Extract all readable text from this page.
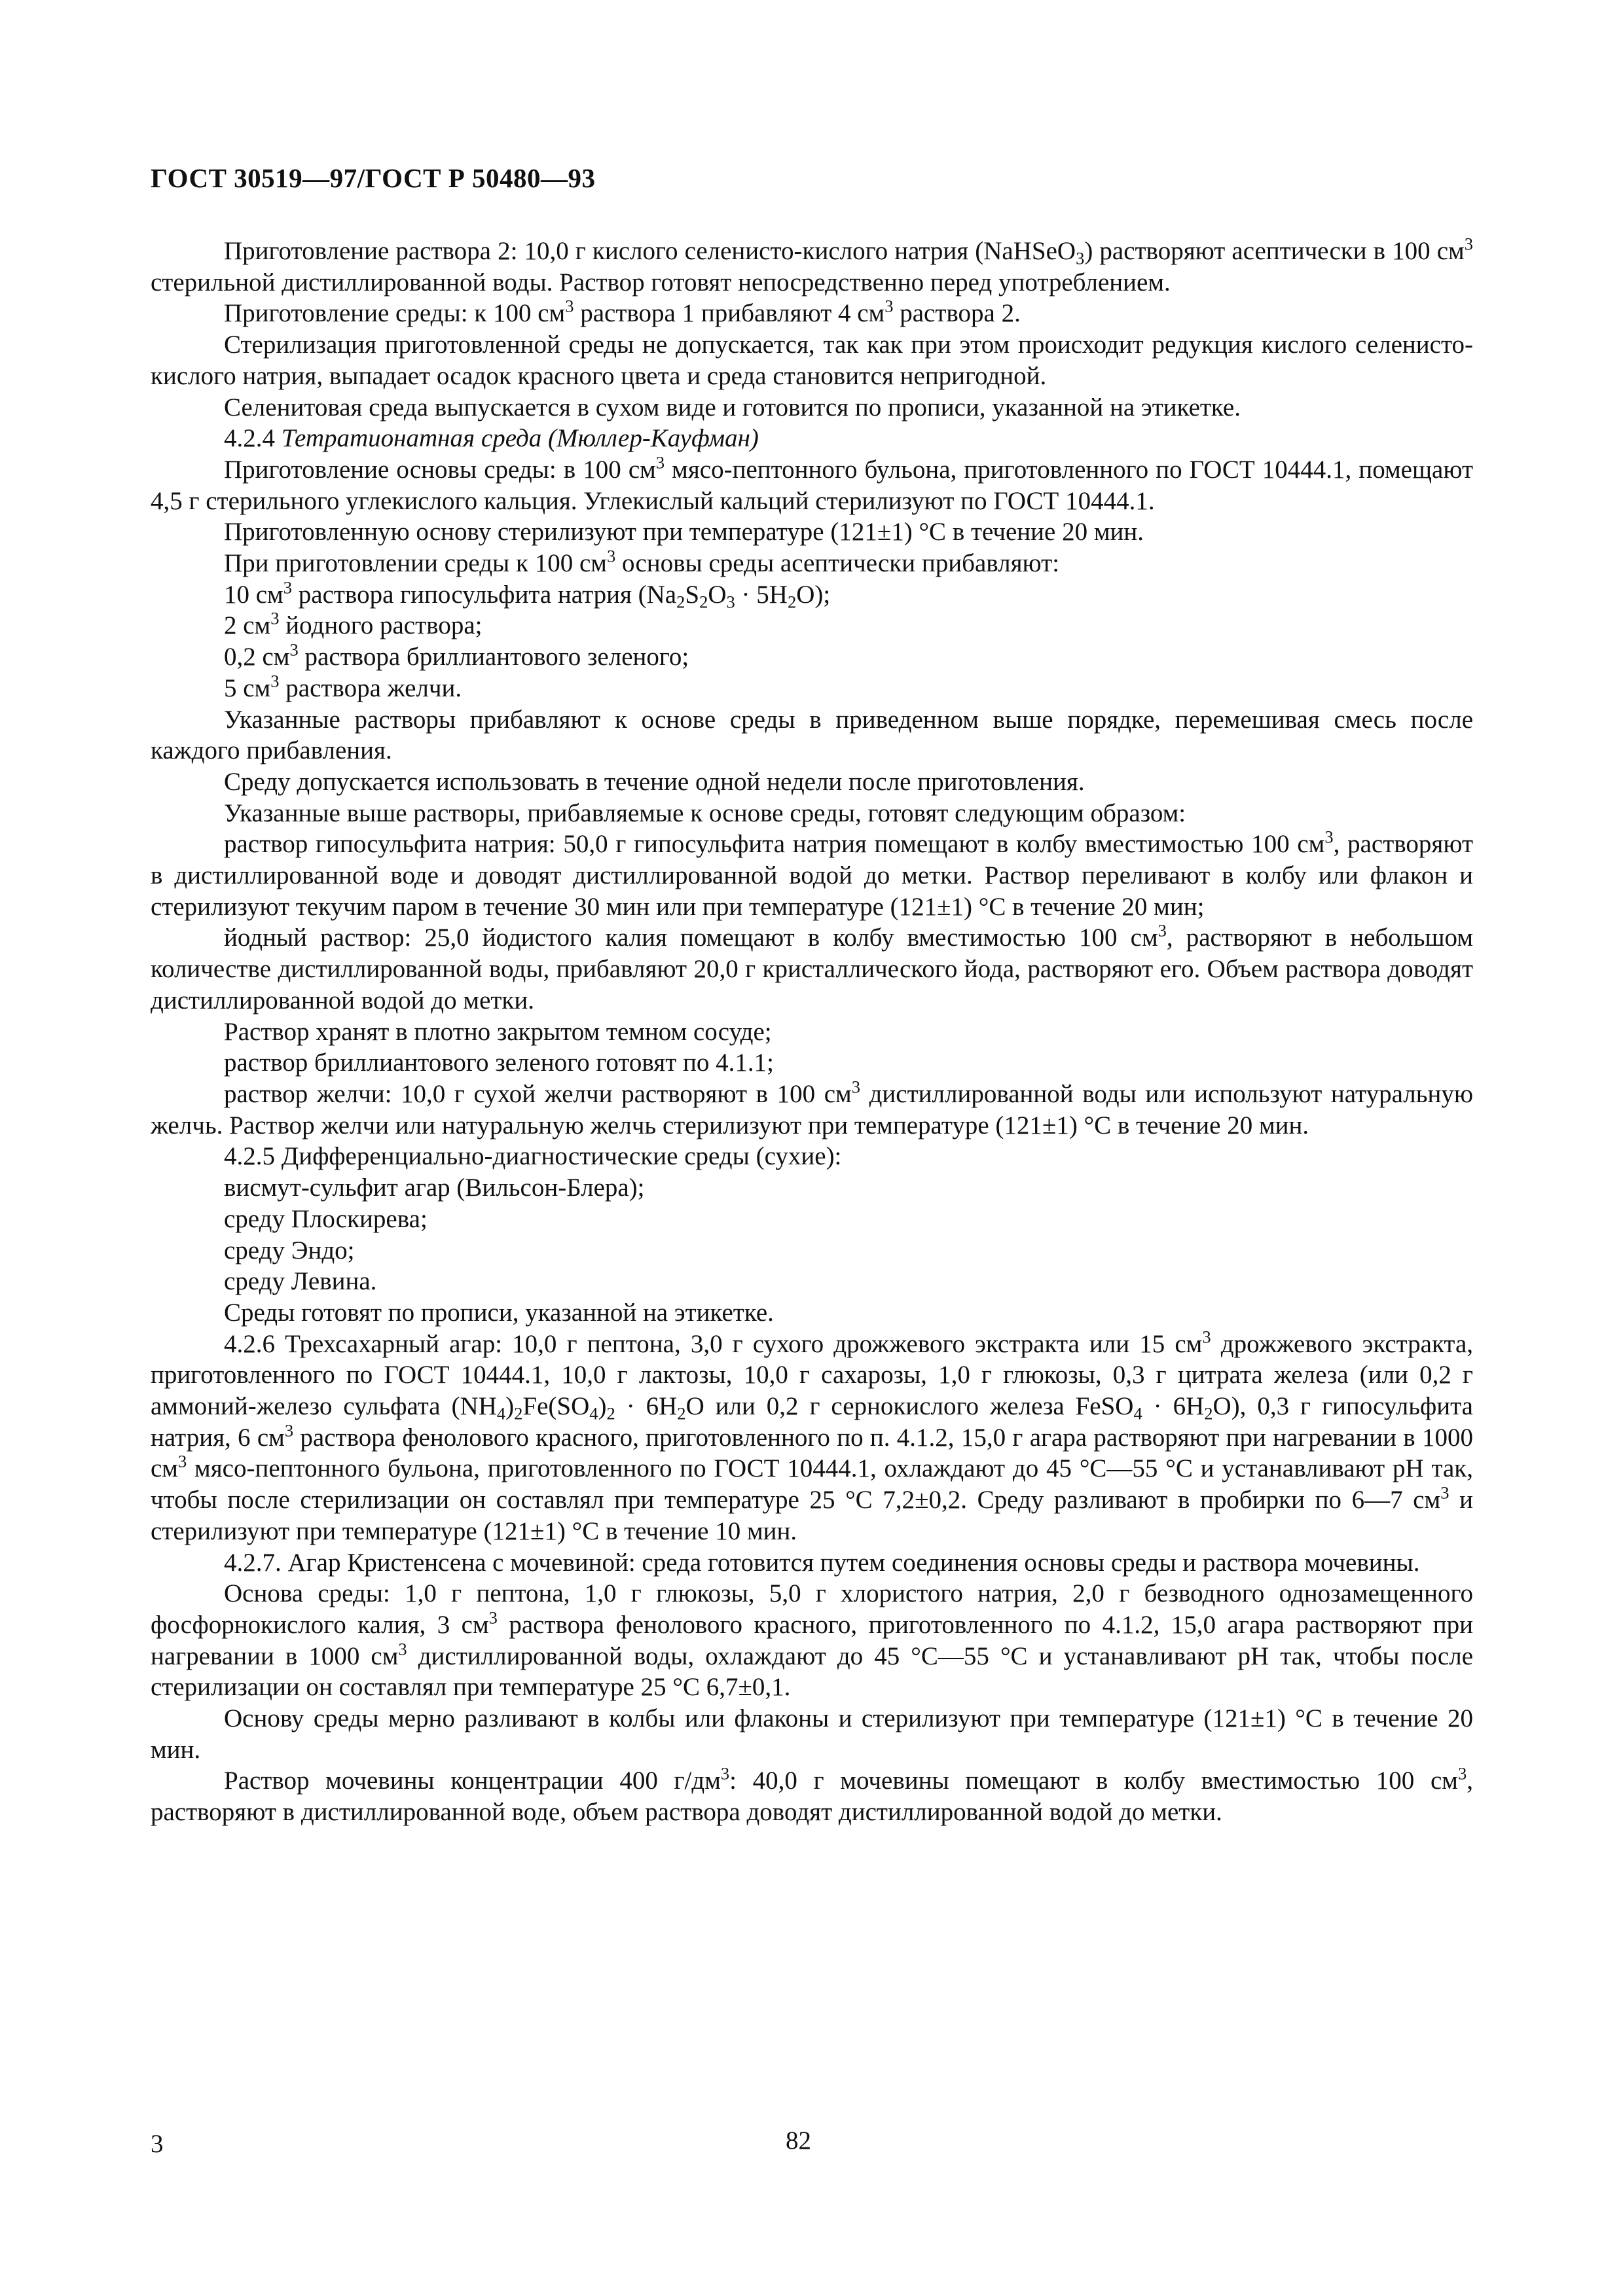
ГОСТ 30519—97/ГОСТ Р 50480—93

Приготовление раствора 2: 10,0 г кислого селенисто-кислого натрия (NaHSeO$_3$) растворяют асептически в 100 $см^3$ стерильной дистиллированной воды. Раствор готовят непосредственно перед употреблением.

Приготовление среды: к 100 $см^3$ раствора 1 прибавляют 4 $см^3$ раствора 2.

Стерилизация приготовленной среды не допускается, так как при этом происходит редукция кислого селенисто-кислого натрия, выпадает осадок красного цвета и среда становится непригодной.

Селенитовая среда выпускается в сухом виде и готовится по прописи, указанной на этикетке.

4.2.4 Тетратионатная среда (Мюллер-Кауфман)

Приготовление основы среды: в 100 $см^3$ мясо-пептонного бульона, приготовленного по ГОСТ 10444.1, помещают 4,5 г стерильного углекислого кальция. Углекислый кальций стерилизуют по ГОСТ 10444.1.

Приготовленную основу стерилизуют при температуре (121±1) °С в течение 20 мин.

При приготовлении среды к 100 $см^3$ основы среды асептически прибавляют:

10 $см^3$ раствора гипосульфита натрия $(Na_2S_2O_3 \cdot 5H_2O)$;

2 $см^3$ йодного раствора;

0,2 $см^3$ раствора бриллиантового зеленого;

5 $см^3$ раствора желчи.

Указанные растворы прибавляют к основе среды в приведенном выше порядке, перемешивая смесь после каждого прибавления.

Среду допускается использовать в течение одной недели после приготовления.

Указанные выше растворы, прибавляемые к основе среды, готовят следующим образом:

раствор гипосульфита натрия: 50,0 г гипосульфита натрия помещают в колбу вместимостью 100 $см^3$, растворяют в дистиллированной воде и доводят дистиллированной водой до метки. Раствор переливают в колбу или флакон и стерилизуют текучим паром в течение 30 мин или при температуре (121±1) °С в течение 20 мин;

йодный раствор: 25,0 йодистого калия помещают в колбу вместимостью 100 $см^3$, растворяют в небольшом количестве дистиллированной воды, прибавляют 20,0 г кристаллического йода, растворяют его. Объем раствора доводят дистиллированной водой до метки.

Раствор хранят в плотно закрытом темном сосуде;

раствор бриллиантового зеленого готовят по 4.1.1;

раствор желчи: 10,0 г сухой желчи растворяют в 100 $см^3$ дистиллированной воды или используют натуральную желчь. Раствор желчи или натуральную желчь стерилизуют при температуре (121±1) °С в течение 20 мин.

4.2.5 Дифференциально-диагностические среды (сухие):

висмут-сульфит агар (Вильсон-Блера);

среду Плоскирева;

среду Эндо;

среду Левина.

Среды готовят по прописи, указанной на этикетке.

4.2.6 Трехсахарный агар: 10,0 г пептона, 3,0 г сухого дрожжевого экстракта или 15 $см^3$ дрожжевого экстракта, приготовленного по ГОСТ 10444.1, 10,0 г лактозы, 10,0 г сахарозы, 1,0 г глюкозы, 0,3 г цитрата железа (или 0,2 г аммоний-железо сульфата $(NH_4)_2Fe(SO_4)_2 \cdot 6H_2O$ или 0,2 г сернокислого железа FeSO$_4$ · $6H_2O$), 0,3 г гипосульфита натрия, 6 $см^3$ раствора фенолового красного, приготовленного по п. 4.1.2, 15,0 г агара растворяют при нагревании в 1000 $см^3$ мясо-пептонного бульона, приготовленного по ГОСТ 10444.1, охлаждают до 45 °С—55 °С и устанавливают pH так, чтобы после стерилизации он составлял при температуре 25 °С 7,2±0,2. Среду разливают в пробирки по 6—7 $см^3$ и стерилизуют при температуре (121±1) °С в течение 10 мин.

4.2.7. Агар Кристенсена с мочевиной: среда готовится путем соединения основы среды и раствора мочевины.

Основа среды: 1,0 г пептона, 1,0 г глюкозы, 5,0 г хлористого натрия, 2,0 г безводного однозамещенного фосфорнокислого калия, 3 $см^3$ раствора фенолового красного, приготовленного по 4.1.2, 15,0 агара растворяют при нагревании в 1000 $см^3$ дистиллированной воды, охлаждают до 45 °С—55 °С и устанавливают pH так, чтобы после стерилизации он составлял при температуре 25 °С 6,7±0,1.

Основу среды мерно разливают в колбы или флаконы и стерилизуют при температуре (121±1) °С в течение 20 мин.

Раствор мочевины концентрации 400 $г/дм^3$: 40,0 г мочевины помещают в колбу вместимостью 100 $см^3$, растворяют в дистиллированной воде, объем раствора доводят дистиллированной водой до метки.

3	82
